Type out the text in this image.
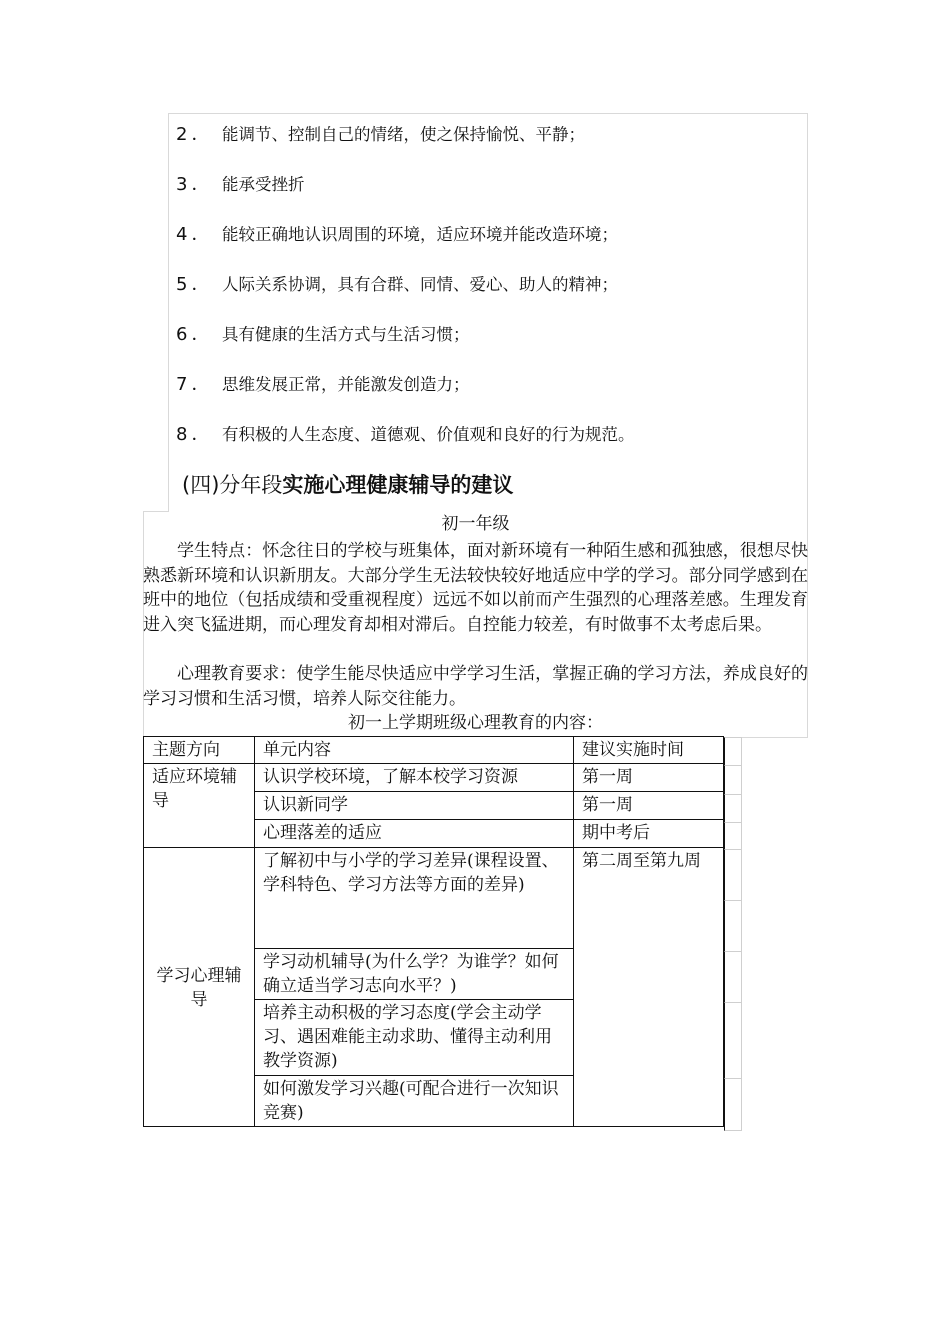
2． 能调节、控制自己的情绪，使之保持愉悦、平静；
3． 能承受挫折
4． 能较正确地认识周围的环境，适应环境并能改造环境；
5． 人际关系协调，具有合群、同情、爱心、助人的精神；
6． 具有健康的生活方式与生活习惯；
7． 思维发展正常，并能激发创造力；
8． 有积极的人生态度、道德观、价值观和良好的行为规范。
(四)分年段实施心理健康辅导的建议
初一年级
学生特点：怀念往日的学校与班集体，面对新环境有一种陌生感和孤独感，很想尽快熟悉新环境和认识新朋友。大部分学生无法较快较好地适应中学的学习。部分同学感到在班中的地位（包括成绩和受重视程度）远远不如以前而产生强烈的心理落差感。生理发育进入突飞猛进期，而心理发育却相对滞后。自控能力较差，有时做事不太考虑后果。
心理教育要求：使学生能尽快适应中学学习生活，掌握正确的学习方法，养成良好的学习习惯和生活习惯，培养人际交往能力。
初一上学期班级心理教育的内容：
主题方向	单元内容	建议实施时间
适应环境辅导	认识学校环境，了解本校学习资源	第一周
	认识新同学	第一周
	心理落差的适应	期中考后
学习心理辅导	了解初中与小学的学习差异(课程设置、学科特色、学习方法等方面的差异)	第二周至第九周
	学习动机辅导(为什么学？为谁学？如何确立适当学习志向水平？)	
	培养主动积极的学习态度(学会主动学习、遇困难能主动求助、懂得主动利用教学资源)	
	如何激发学习兴趣(可配合进行一次知识竞赛)	
